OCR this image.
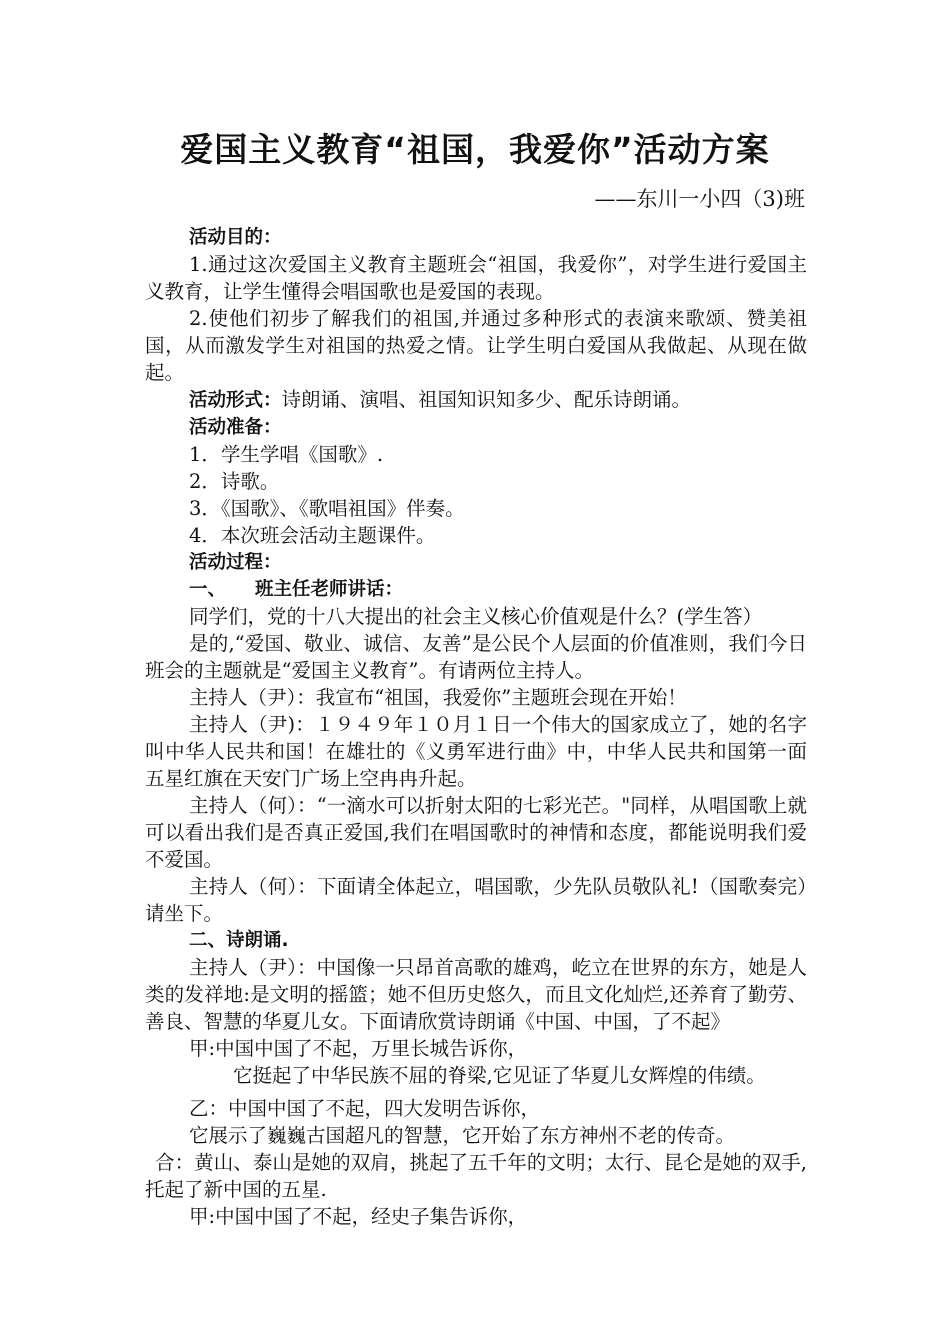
爱国主义教育“祖国，我爱你”活动方案
——东川一小四（3)班

活动目的：

1.通过这次爱国主义教育主题班会“祖国，我爱你”，对学生进行爱国主义教育，让学生懂得会唱国歌也是爱国的表现。

2.使他们初步了解我们的祖国,并通过多种形式的表演来歌颂、赞美祖国，从而激发学生对祖国的热爱之情。让学生明白爱国从我做起、从现在做起。

活动形式：诗朗诵、演唱、祖国知识知多少、配乐诗朗诵。

活动准备：

1．学生学唱《国歌》.

2．诗歌。

3．《国歌》、《歌唱祖国》伴奏。

4．本次班会活动主题课件。

活动过程：

一、 班主任老师讲话：

同学们，党的十八大提出的社会主义核心价值观是什么？(学生答）

是的,“爱国、敬业、诚信、友善”是公民个人层面的价值准则，我们今日班会的主题就是“爱国主义教育”。有请两位主持人。

主持人（尹）：我宣布“祖国，我爱你”主题班会现在开始！

主持人（尹)：１９４９年１０月１日一个伟大的国家成立了，她的名字叫中华人民共和国！在雄壮的《义勇军进行曲》中，中华人民共和国第一面五星红旗在天安门广场上空冉冉升起。

主持人（何）：“一滴水可以折射太阳的七彩光芒。"同样，从唱国歌上就可以看出我们是否真正爱国,我们在唱国歌时的神情和态度，都能说明我们爱不爱国。

主持人（何）：下面请全体起立，唱国歌，少先队员敬队礼!（国歌奏完）请坐下。

二、诗朗诵.

主持人（尹）：中国像一只昂首高歌的雄鸡，屹立在世界的东方，她是人类的发祥地:是文明的摇篮；她不但历史悠久，而且文化灿烂,还养育了勤劳、善良、智慧的华夏儿女。下面请欣赏诗朗诵《中国、中国，了不起》

甲:中国中国了不起，万里长城告诉你，

它挺起了中华民族不屈的脊梁,它见证了华夏儿女辉煌的伟绩。

乙：中国中国了不起，四大发明告诉你，

它展示了巍巍古国超凡的智慧，它开始了东方神州不老的传奇。

合：黄山、泰山是她的双肩，挑起了五千年的文明；太行、昆仑是她的双手,托起了新中国的五星.

甲:中国中国了不起，经史子集告诉你，
